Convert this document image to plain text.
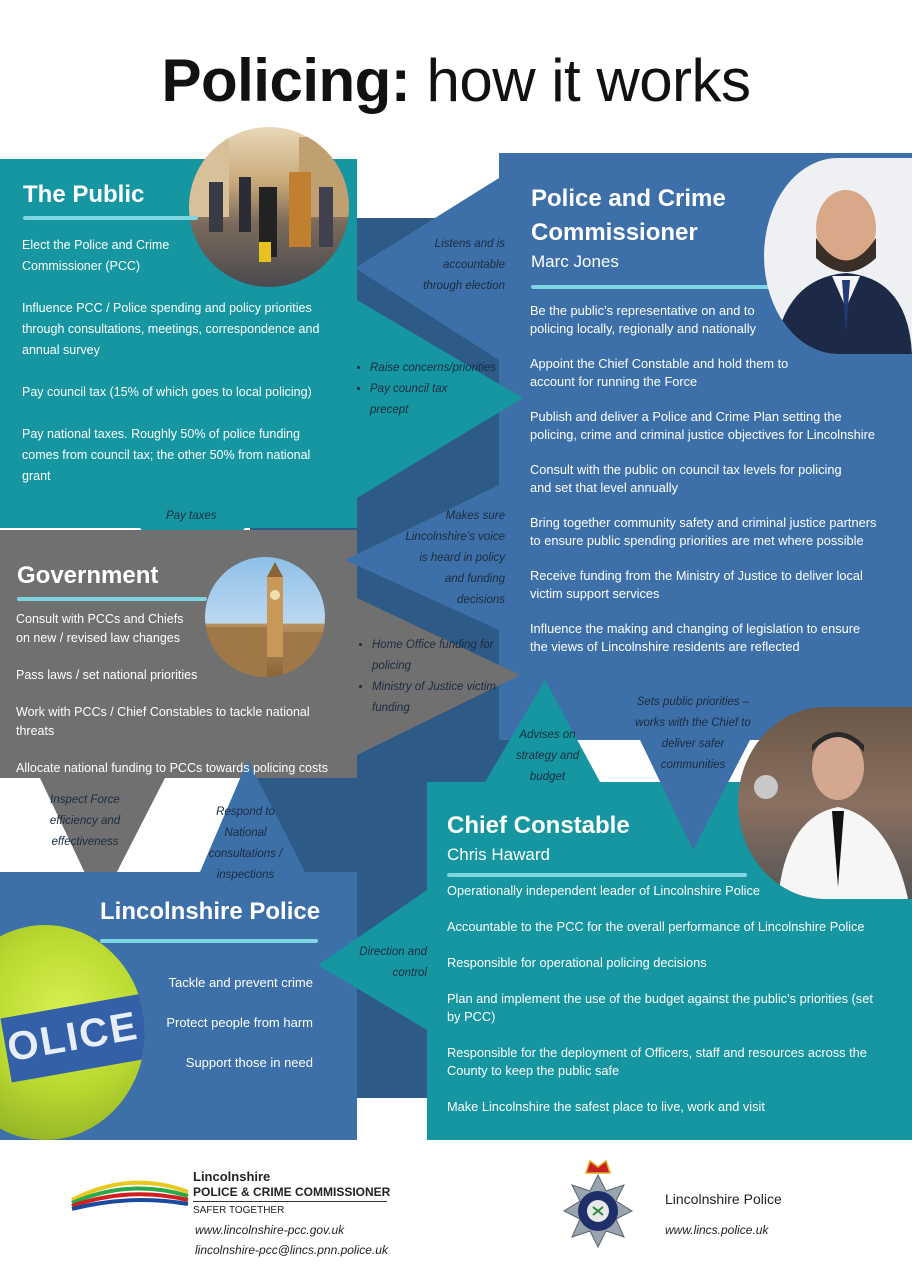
Policing: how it works
The Public
Elect the Police and Crime Commissioner (PCC)
Influence PCC / Police spending and policy priorities through consultations, meetings, correspondence and annual survey
Pay council tax (15% of which goes to local policing)
Pay national taxes. Roughly 50% of police funding comes from council tax; the other 50% from national grant
Police and Crime Commissioner
Marc Jones
Be the public’s representative on and to policing locally, regionally and nationally
Appoint the Chief Constable and hold them to account for running the Force
Publish and deliver a Police and Crime Plan setting the policing, crime and criminal justice objectives for Lincolnshire
Consult with the public on council tax levels for policing and set that level annually
Bring together community safety and criminal justice partners to ensure public spending priorities are met where possible
Receive funding from the Ministry of Justice to deliver local victim support services
Influence the making and changing of legislation to ensure the views of Lincolnshire residents are reflected
Government
Consult with PCCs and Chiefs on new / revised law changes
Pass laws / set national priorities
Work with PCCs / Chief Constables to tackle national threats
Allocate national funding to PCCs towards policing costs
Chief Constable
Chris Haward
Operationally independent leader of Lincolnshire Police
Accountable to the PCC for the overall performance of Lincolnshire Police
Responsible for operational policing decisions
Plan and implement the use of the budget against the public’s priorities (set by PCC)
Responsible for the deployment of Officers, staff and resources across the County to keep the public safe
Make Lincolnshire the safest place to live, work and visit
Lincolnshire Police
OLICE
Tackle and prevent crime
Protect people from harm
Support those in need
Listens and is accountable through election
• Raise concerns/priorities
• Pay council tax precept
Pay taxes	Makes sure Lincolnshire’s voice is heard in policy and funding decisions
• Home Office funding for policing
• Ministry of Justice victim funding
Advises on strategy and budget
Sets public priorities – works with the Chief to deliver safer communities
Inspect Force efficiency and effectiveness
Respond to National consultations / inspections
Direction and control
Lincolnshire
POLICE & CRIME COMMISSIONER
SAFER TOGETHER
www.lincolnshire-pcc.gov.uk
lincolnshire-pcc@lincs.pnn.police.uk
Lincolnshire Police
www.lincs.police.uk
